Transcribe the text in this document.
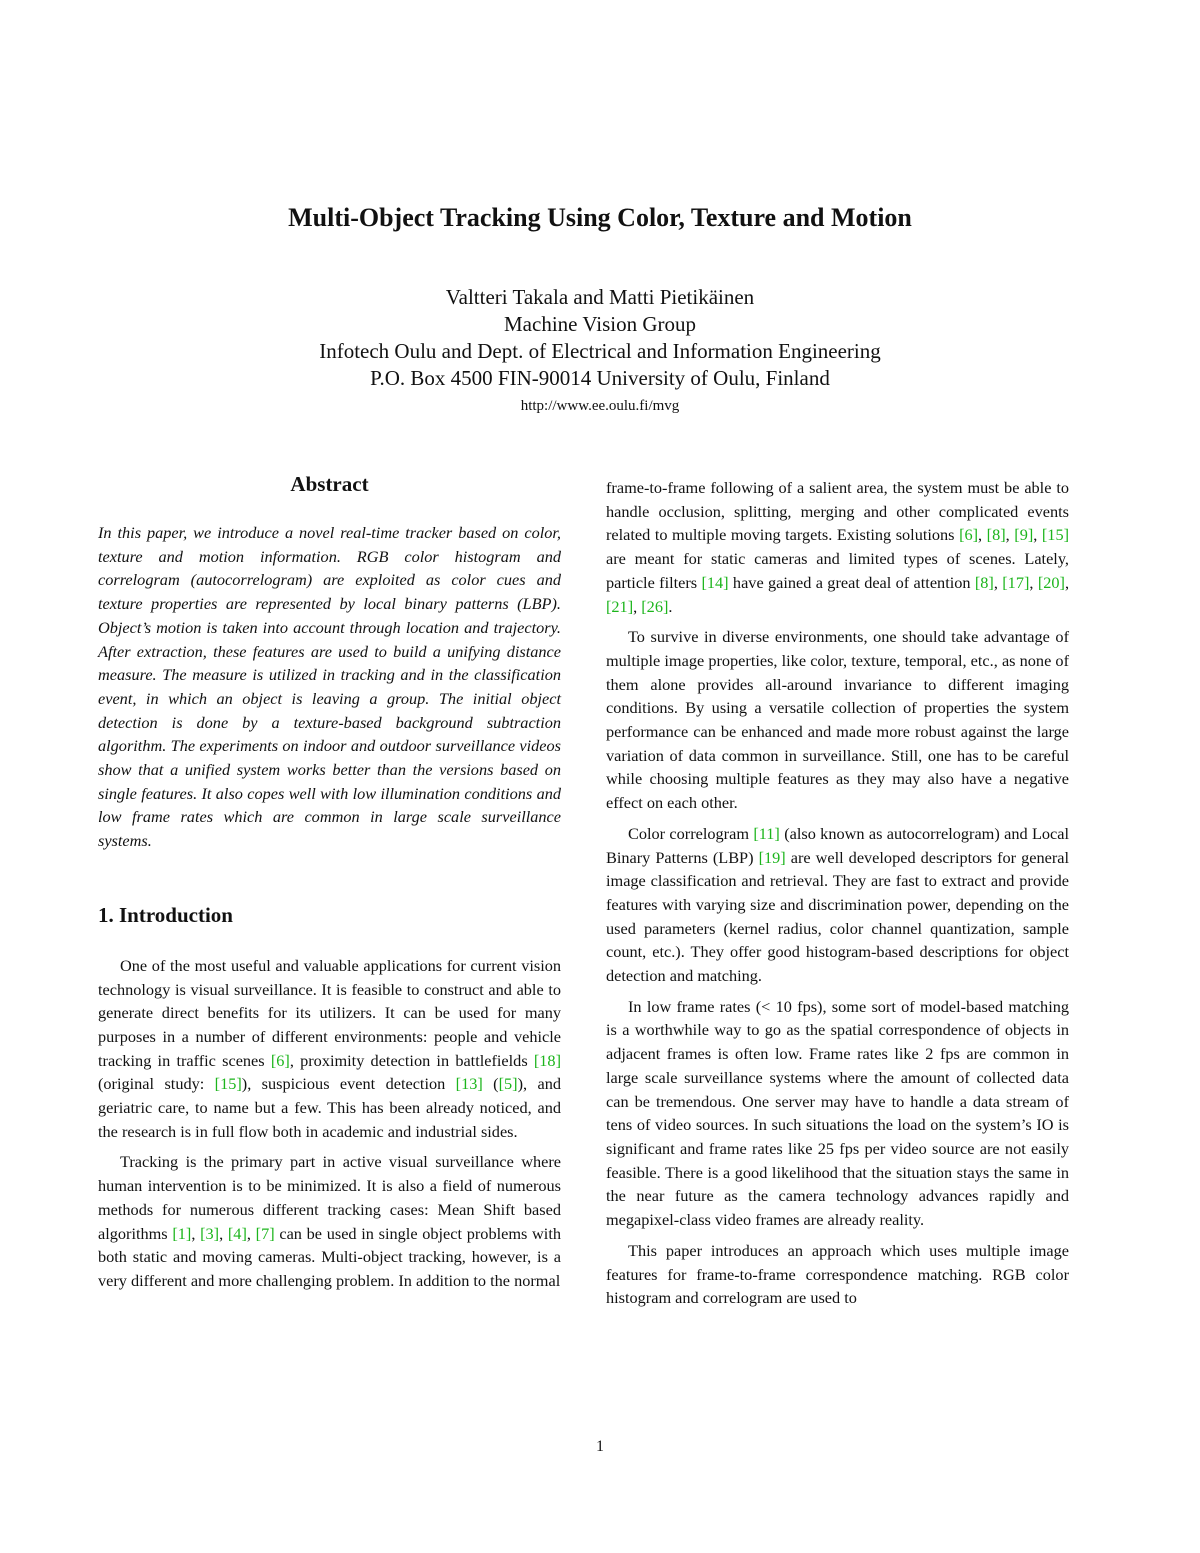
Multi-Object Tracking Using Color, Texture and Motion
Valtteri Takala and Matti Pietikäinen
Machine Vision Group
Infotech Oulu and Dept. of Electrical and Information Engineering
P.O. Box 4500 FIN-90014 University of Oulu, Finland
http://www.ee.oulu.fi/mvg
Abstract

In this paper, we introduce a novel real-time tracker based on color, texture and motion information. RGB color histogram and correlogram (autocorrelogram) are exploited as color cues and texture properties are represented by local binary patterns (LBP). Object’s motion is taken into account through location and trajectory. After extraction, these features are used to build a unifying distance measure. The measure is utilized in tracking and in the classification event, in which an object is leaving a group. The initial object detection is done by a texture-based background subtraction algorithm. The experiments on indoor and outdoor surveillance videos show that a unified system works better than the versions based on single features. It also copes well with low illumination conditions and low frame rates which are common in large scale surveillance systems.

1. Introduction

One of the most useful and valuable applications for current vision technology is visual surveillance. It is feasible to construct and able to generate direct benefits for its utilizers. It can be used for many purposes in a number of different environments: people and vehicle tracking in traffic scenes [6], proximity detection in battlefields [18] (original study: [15]), suspicious event detection [13] ([5]), and geriatric care, to name but a few. This has been already noticed, and the research is in full flow both in academic and industrial sides.

Tracking is the primary part in active visual surveillance where human intervention is to be minimized. It is also a field of numerous methods for numerous different tracking cases: Mean Shift based algorithms [1], [3], [4], [7] can be used in single object problems with both static and moving cameras. Multi-object tracking, however, is a very different and more challenging problem. In addition to the normal

frame-to-frame following of a salient area, the system must be able to handle occlusion, splitting, merging and other complicated events related to multiple moving targets. Existing solutions [6], [8], [9], [15] are meant for static cameras and limited types of scenes. Lately, particle filters [14] have gained a great deal of attention [8], [17], [20], [21], [26].

To survive in diverse environments, one should take advantage of multiple image properties, like color, texture, temporal, etc., as none of them alone provides all-around invariance to different imaging conditions. By using a versatile collection of properties the system performance can be enhanced and made more robust against the large variation of data common in surveillance. Still, one has to be careful while choosing multiple features as they may also have a negative effect on each other.

Color correlogram [11] (also known as autocorrelogram) and Local Binary Patterns (LBP) [19] are well developed descriptors for general image classification and retrieval. They are fast to extract and provide features with varying size and discrimination power, depending on the used parameters (kernel radius, color channel quantization, sample count, etc.). They offer good histogram-based descriptions for object detection and matching.

In low frame rates (< 10 fps), some sort of model-based matching is a worthwhile way to go as the spatial correspondence of objects in adjacent frames is often low. Frame rates like 2 fps are common in large scale surveillance systems where the amount of collected data can be tremendous. One server may have to handle a data stream of tens of video sources. In such situations the load on the system’s IO is significant and frame rates like 25 fps per video source are not easily feasible. There is a good likelihood that the situation stays the same in the near future as the camera technology advances rapidly and megapixel-class video frames are already reality.

This paper introduces an approach which uses multiple image features for frame-to-frame correspondence matching. RGB color histogram and correlogram are used to

1
